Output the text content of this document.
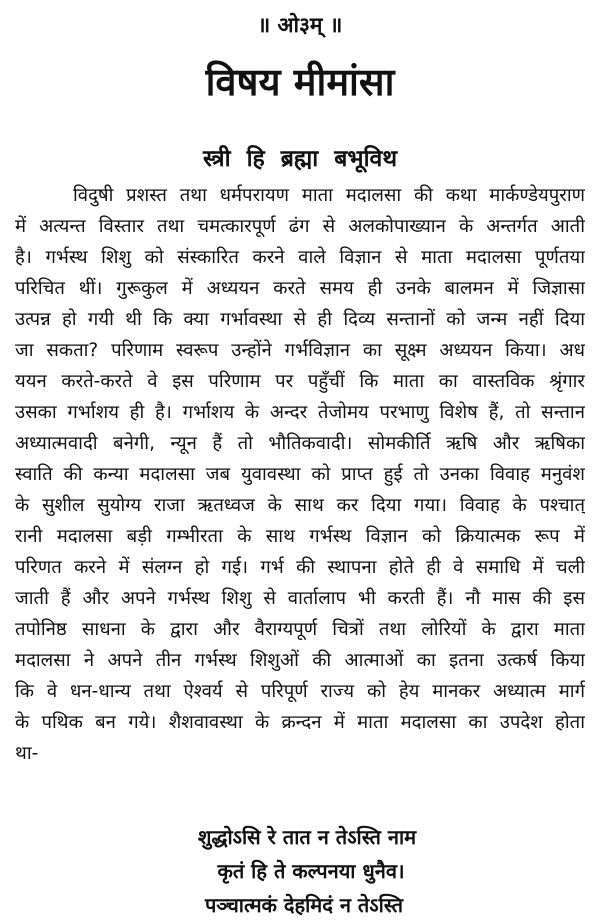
॥ ओ३म् ॥
विषय मीमांसा
स्त्री हि ब्रह्मा बभूविथ
विदुषी प्रशस्त तथा धर्मपरायण माता मदालसा की कथा मार्कण्डेयपुराण
में अत्यन्त विस्तार तथा चमत्कारपूर्ण ढंग से अलकोपाख्यान के अन्तर्गत आती
है। गर्भस्थ शिशु को संस्कारित करने वाले विज्ञान से माता मदालसा पूर्णतया
परिचित थीं। गुरूकुल में अध्ययन करते समय ही उनके बालमन में जिज्ञासा
उत्पन्न हो गयी थी कि क्या गर्भावस्था से ही दिव्य सन्तानों को जन्म नहीं दिया
जा सकता? परिणाम स्वरूप उन्होंने गर्भविज्ञान का सूक्ष्म अध्ययन किया। अध
ययन करते-करते वे इस परिणाम पर पहुँचीं कि माता का वास्तविक श्रृंगार
उसका गर्भाशय ही है। गर्भाशय के अन्दर तेजोमय परभाणु विशेष हैं, तो सन्तान
अध्यात्मवादी बनेगी, न्यून हैं तो भौतिकवादी। सोमकीर्ति ऋषि और ऋषिका
स्वाति की कन्या मदालसा जब युवावस्था को प्राप्त हुई तो उनका विवाह मनुवंश
के सुशील सुयोग्य राजा ऋतध्वज के साथ कर दिया गया। विवाह के पश्चात्
रानी मदालसा बड़ी गम्भीरता के साथ गर्भस्थ विज्ञान को क्रियात्मक रूप में
परिणत करने में संलग्न हो गई। गर्भ की स्थापना होते ही वे समाधि में चली
जाती हैं और अपने गर्भस्थ शिशु से वार्तालाप भी करती हैं। नौ मास की इस
तपोनिष्ठ साधना के द्वारा और वैराग्यपूर्ण चित्रों तथा लोरियों के द्वारा माता
मदालसा ने अपने तीन गर्भस्थ शिशुओं की आत्माओं का इतना उत्कर्ष किया
कि वे धन-धान्य तथा ऐश्वर्य से परिपूर्ण राज्य को हेय मानकर अध्यात्म मार्ग
के पथिक बन गये। शैशवावस्था के क्रन्दन में माता मदालसा का उपदेश होता
था-
शुद्धोऽसि रे तात न तेऽस्ति नाम
कृतं हि ते कल्पनया धुनैव।
पञ्चात्मकं देहमिदं न तेऽस्ति
